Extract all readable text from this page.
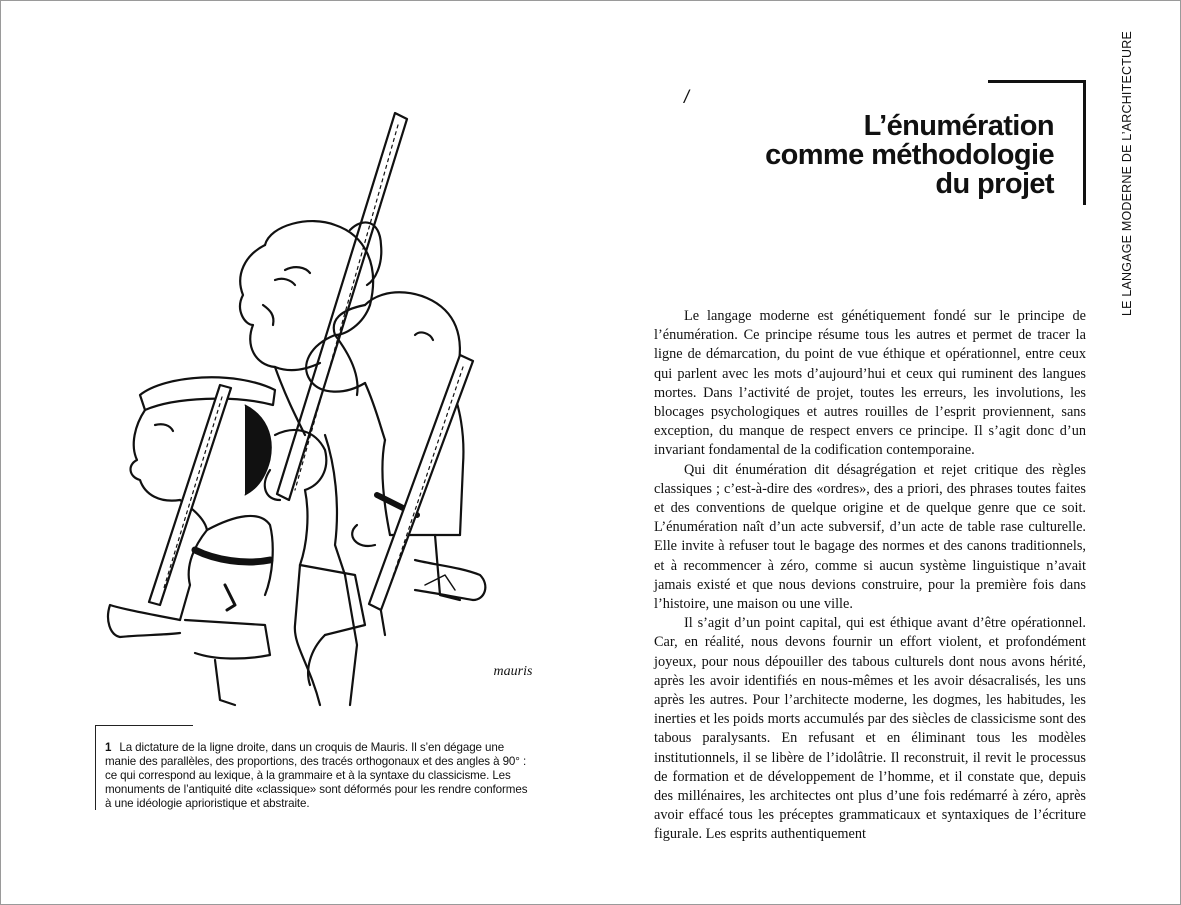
mauris
1 La dictature de la ligne droite, dans un croquis de Mauris. Il s’en dégage une manie des parallèles, des proportions, des tracés orthogonaux et des angles à 90° : ce qui correspond au lexique, à la grammaire et à la syntaxe du classicisme. Les monuments de l’antiquité dite «classique» sont déformés pour les rendre conformes à une idéologie aprioristique et abstraite.
/
L’énumération
comme méthodologie
du projet	LE LANGAGE MODERNE DE L’ARCHITECTURE

Le langage moderne est génétiquement fondé sur le principe de l’énumération. Ce principe résume tous les autres et permet de tracer la ligne de démarcation, du point de vue éthique et opérationnel, entre ceux qui parlent avec les mots d’aujourd’hui et ceux qui ruminent des langues mortes. Dans l’activité de projet, toutes les erreurs, les involutions, les blocages psychologiques et autres rouilles de l’esprit proviennent, sans exception, du manque de respect envers ce principe. Il s’agit donc d’un invariant fondamental de la codification contemporaine.

Qui dit énumération dit désagrégation et rejet critique des règles classiques ; c’est-à-dire des «ordres», des a priori, des phrases toutes faites et des conventions de quelque origine et de quelque genre que ce soit. L’énumération naît d’un acte subversif, d’un acte de table rase culturelle. Elle invite à refuser tout le bagage des normes et des canons traditionnels, et à recommencer à zéro, comme si aucun système linguistique n’avait jamais existé et que nous devions construire, pour la première fois dans l’histoire, une maison ou une ville.

Il s’agit d’un point capital, qui est éthique avant d’être opérationnel. Car, en réalité, nous devons fournir un effort violent, et profondément joyeux, pour nous dépouiller des tabous culturels dont nous avons hérité, après les avoir identifiés en nous-mêmes et les avoir désacralisés, les uns après les autres. Pour l’architecte moderne, les dogmes, les habitudes, les inerties et les poids morts accumulés par des siècles de classicisme sont des tabous paralysants. En refusant et en éliminant tous les modèles institutionnels, il se libère de l’idolâtrie. Il reconstruit, il revit le processus de formation et de développement de l’homme, et il constate que, depuis des millénaires, les architectes ont plus d’une fois redémarré à zéro, après avoir effacé tous les préceptes grammaticaux et syntaxiques de l’écriture figurale. Les esprits authentiquement
